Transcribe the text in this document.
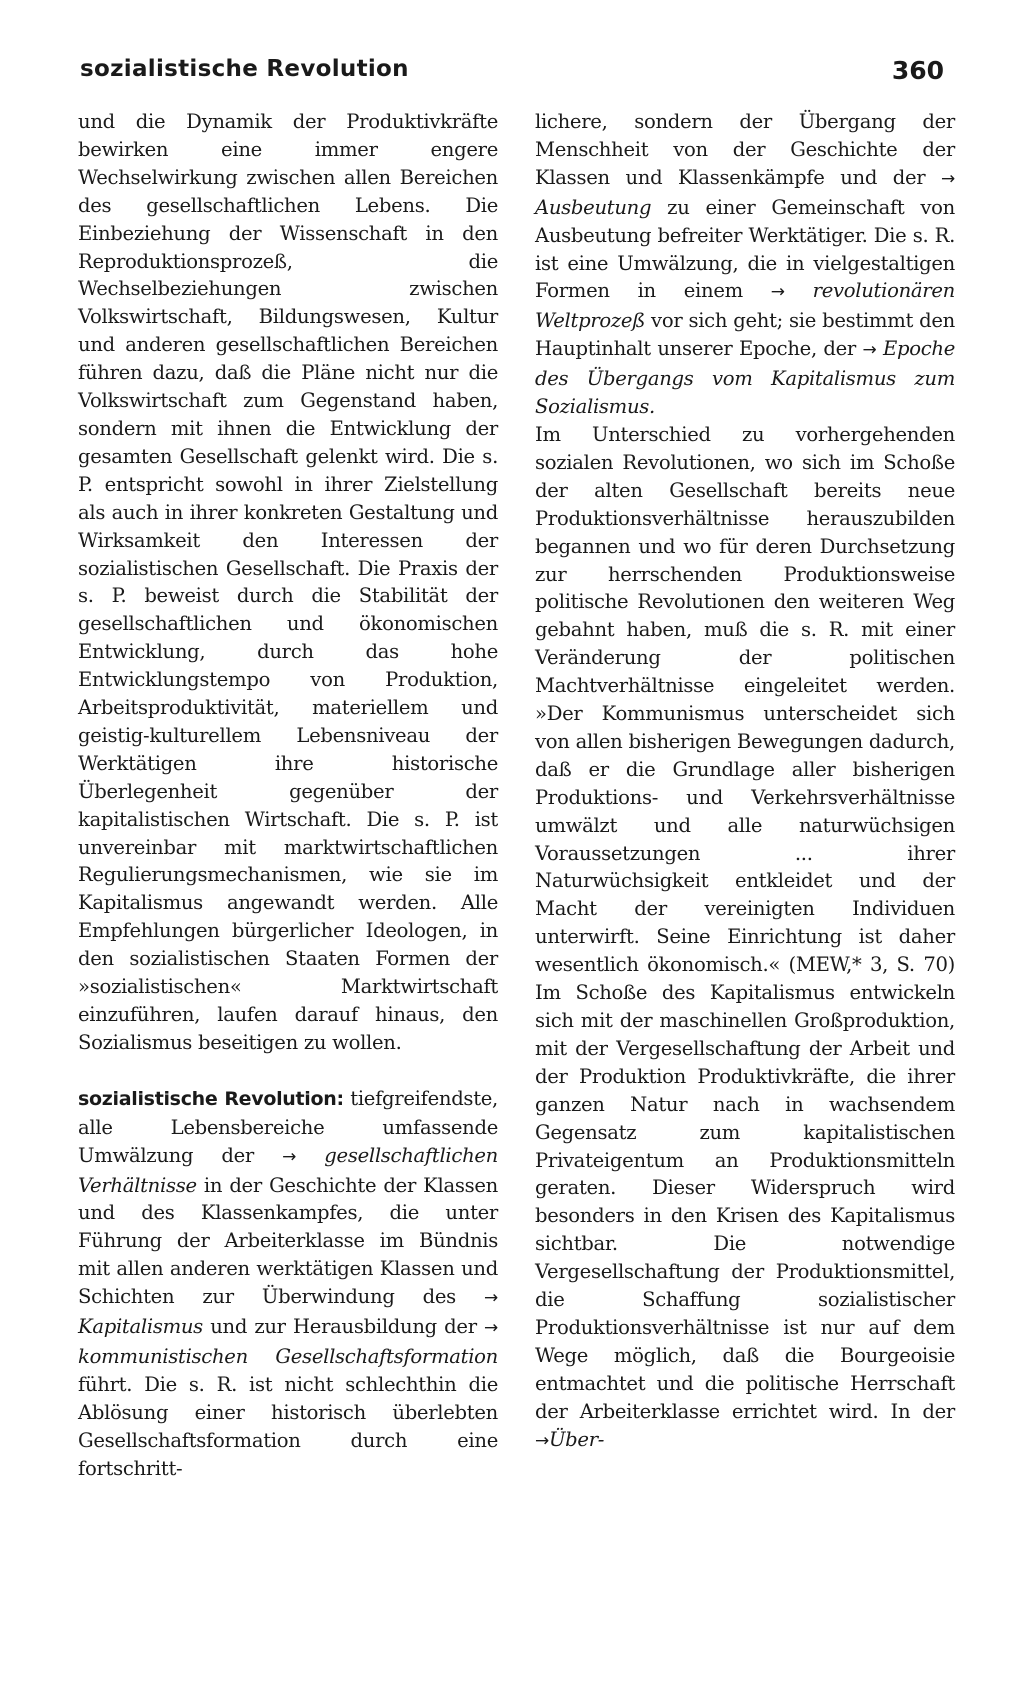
sozialistische Revolution	360

und die Dynamik der Produktivkräfte bewirken eine immer engere Wechselwirkung zwischen allen Bereichen des gesellschaftlichen Lebens. Die Einbeziehung der Wissenschaft in den Reproduktionsprozeß, die Wechselbeziehungen zwischen Volkswirtschaft, Bildungswesen, Kultur und anderen gesellschaftlichen Bereichen führen dazu, daß die Pläne nicht nur die Volkswirtschaft zum Gegenstand haben, sondern mit ihnen die Entwicklung der gesamten Gesellschaft gelenkt wird. Die s. P. entspricht sowohl in ihrer Zielstellung als auch in ihrer konkreten Gestaltung und Wirksamkeit den Interessen der sozialistischen Gesellschaft. Die Praxis der s. P. beweist durch die Stabilität der gesellschaftlichen und ökonomischen Entwicklung, durch das hohe Entwicklungstempo von Produktion, Arbeitsproduktivität, materiellem und geistig-kulturellem Lebensniveau der Werktätigen ihre historische Überlegenheit gegenüber der kapitalistischen Wirtschaft. Die s. P. ist unvereinbar mit marktwirtschaftlichen Regulierungsmechanismen, wie sie im Kapitalismus angewandt werden. Alle Empfehlungen bürgerlicher Ideologen, in den sozialistischen Staaten Formen der »sozialistischen« Marktwirtschaft einzuführen, laufen darauf hinaus, den Sozialismus beseitigen zu wollen.

sozialistische Revolution: tiefgreifendste, alle Lebensbereiche umfassende Umwälzung der → gesellschaftlichen Verhältnisse in der Geschichte der Klassen und des Klassenkampfes, die unter Führung der Arbeiterklasse im Bündnis mit allen anderen werktätigen Klassen und Schichten zur Überwindung des → Kapitalismus und zur Herausbildung der → kommunistischen Gesellschaftsformation führt. Die s. R. ist nicht schlechthin die Ablösung einer historisch überlebten Gesellschaftsformation durch eine fortschritt-

lichere, sondern der Übergang der Menschheit von der Geschichte der Klassen und Klassenkämpfe und der → Ausbeutung zu einer Gemeinschaft von Ausbeutung befreiter Werktätiger. Die s. R. ist eine Umwälzung, die in vielgestaltigen Formen in einem → revolutionären Weltprozeß vor sich geht; sie bestimmt den Hauptinhalt unserer Epoche, der → Epoche des Übergangs vom Kapitalismus zum Sozialismus.

Im Unterschied zu vorhergehenden sozialen Revolutionen, wo sich im Schoße der alten Gesellschaft bereits neue Produktionsverhältnisse herauszubilden begannen und wo für deren Durchsetzung zur herrschenden Produktionsweise politische Revolutionen den weiteren Weg gebahnt haben, muß die s. R. mit einer Veränderung der politischen Machtverhältnisse eingeleitet werden. »Der Kommunismus unterscheidet sich von allen bisherigen Bewegungen dadurch, daß er die Grundlage aller bisherigen Produktions- und Verkehrsverhältnisse umwälzt und alle naturwüchsigen Voraussetzungen ... ihrer Naturwüchsigkeit entkleidet und der Macht der vereinigten Individuen unterwirft. Seine Einrichtung ist daher wesentlich ökonomisch.« (MEW,* 3, S. 70) Im Schoße des Kapitalismus entwickeln sich mit der maschinellen Großproduktion, mit der Vergesellschaftung der Arbeit und der Produktion Produktivkräfte, die ihrer ganzen Natur nach in wachsendem Gegensatz zum kapitalistischen Privateigentum an Produktionsmitteln geraten. Dieser Widerspruch wird besonders in den Krisen des Kapitalismus sichtbar. Die notwendige Vergesellschaftung der Produktionsmittel, die Schaffung sozialistischer Produktionsverhältnisse ist nur auf dem Wege möglich, daß die Bourgeoisie entmachtet und die politische Herrschaft der Arbeiterklasse errichtet wird. In der →Über-
